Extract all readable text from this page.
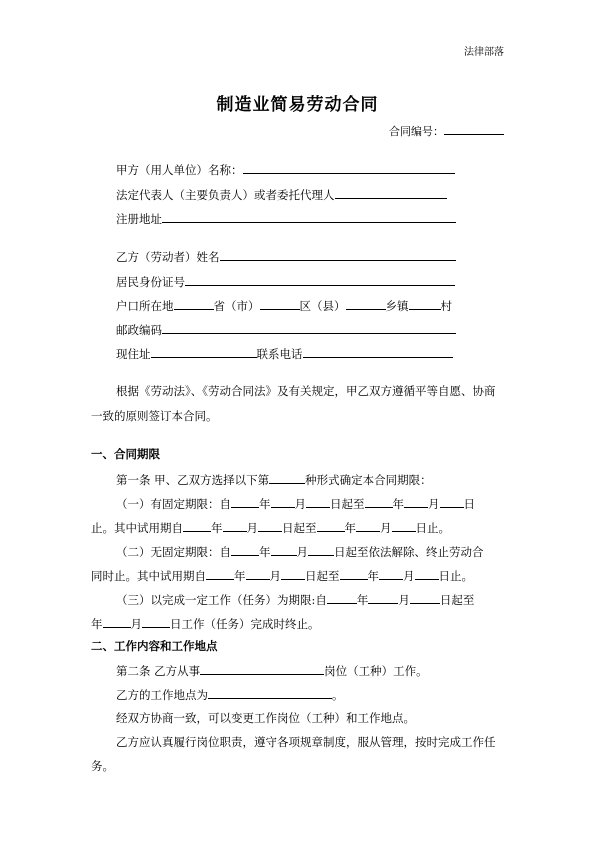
法律部落
制造业简易劳动合同
合同编号：
甲方（用人单位）名称：
法定代表人（主要负责人）或者委托代理人
注册地址
乙方（劳动者）姓名
居民身份证号
户口所在地	省（市）	区（县）	乡镇	村
邮政编码
现住址	联系电话
根据《劳动法》、《劳动合同法》及有关规定，甲乙双方遵循平等自愿、协商
一致的原则签订本合同。
一、合同期限
第一条 甲、乙双方选择以下第	种形式确定本合同期限：
（一）有固定期限：自 年 月 日起至 年 月 日
止。其中试用期自 年 月 日起至 年 月 日止。
（二）无固定期限：自 年 月 日起至依法解除、终止劳动合
同时止。其中试用期自 年 月 日起至 年 月 日止。
（三）以完成一定工作（任务）为期限:自	年	月	日起至
年 月 日工作（任务）完成时终止。
二、工作内容和工作地点
第二条 乙方从事	岗位（工种）工作。
乙方的工作地点为	。
经双方协商一致，可以变更工作岗位（工种）和工作地点。
乙方应认真履行岗位职责，遵守各项规章制度，服从管理，按时完成工作任
务。
